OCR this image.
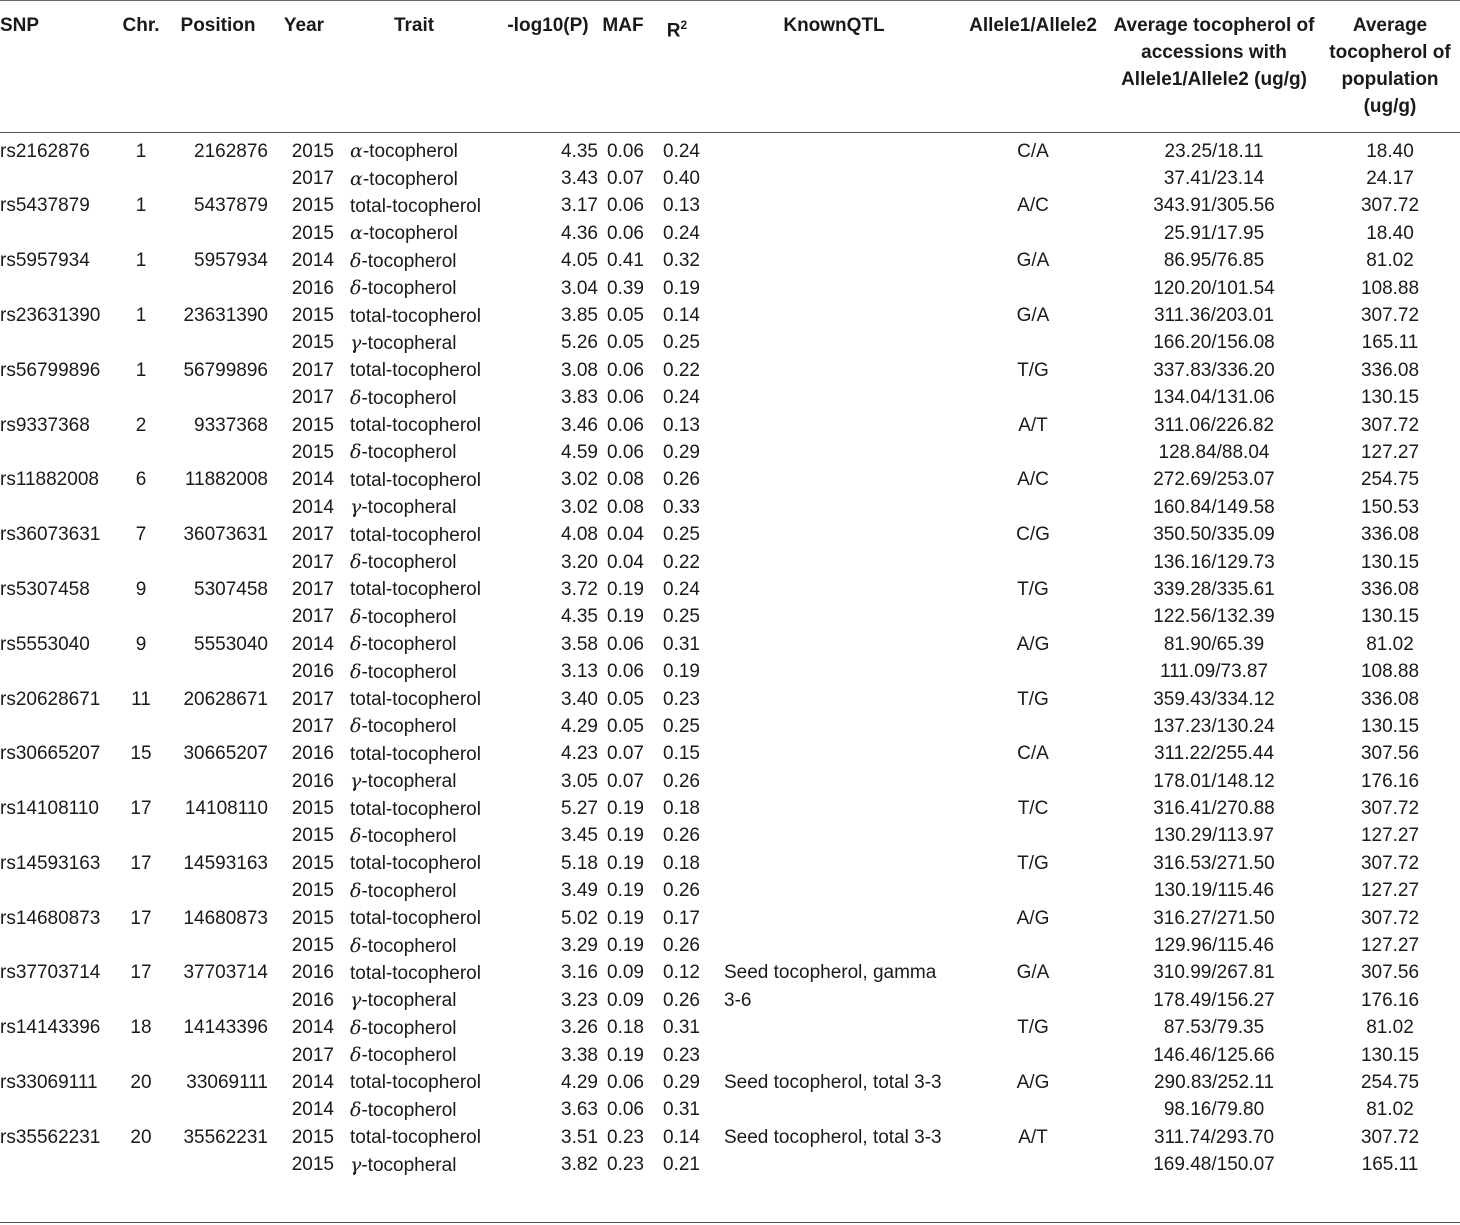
SNP	Chr.	Position	Year	Trait	-log10(P)	MAF	$R^2$	KnownQTL	Allele1/Allele2	Average tocopherol of accessions with Allele1/Allele2 (ug/g)	Average tocopherol of population (ug/g)

rs2162876	1	2162876	2015	α-tocopherol	4.35	0.06	0.24		C/A	23.25/18.11	18.40
			2017	α-tocopherol	3.43	0.07	0.40			37.41/23.14	24.17
rs5437879	1	5437879	2015	total-tocopherol	3.17	0.06	0.13		A/C	343.91/305.56	307.72
			2015	α-tocopherol	4.36	0.06	0.24			25.91/17.95	18.40
rs5957934	1	5957934	2014	δ-tocopherol	4.05	0.41	0.32		G/A	86.95/76.85	81.02
			2016	δ-tocopherol	3.04	0.39	0.19			120.20/101.54	108.88
rs23631390	1	23631390	2015	total-tocopherol	3.85	0.05	0.14		G/A	311.36/203.01	307.72
			2015	γ-tocopheral	5.26	0.05	0.25			166.20/156.08	165.11
rs56799896	1	56799896	2017	total-tocopherol	3.08	0.06	0.22		T/G	337.83/336.20	336.08
			2017	δ-tocopherol	3.83	0.06	0.24			134.04/131.06	130.15
rs9337368	2	9337368	2015	total-tocopherol	3.46	0.06	0.13		A/T	311.06/226.82	307.72
			2015	δ-tocopherol	4.59	0.06	0.29			128.84/88.04	127.27
rs11882008	6	11882008	2014	total-tocopherol	3.02	0.08	0.26		A/C	272.69/253.07	254.75
			2014	γ-tocopheral	3.02	0.08	0.33			160.84/149.58	150.53
rs36073631	7	36073631	2017	total-tocopherol	4.08	0.04	0.25		C/G	350.50/335.09	336.08
			2017	δ-tocopherol	3.20	0.04	0.22			136.16/129.73	130.15
rs5307458	9	5307458	2017	total-tocopherol	3.72	0.19	0.24		T/G	339.28/335.61	336.08
			2017	δ-tocopherol	4.35	0.19	0.25			122.56/132.39	130.15
rs5553040	9	5553040	2014	δ-tocopherol	3.58	0.06	0.31		A/G	81.90/65.39	81.02
			2016	δ-tocopherol	3.13	0.06	0.19			111.09/73.87	108.88
rs20628671	11	20628671	2017	total-tocopherol	3.40	0.05	0.23		T/G	359.43/334.12	336.08
			2017	δ-tocopherol	4.29	0.05	0.25			137.23/130.24	130.15
rs30665207	15	30665207	2016	total-tocopherol	4.23	0.07	0.15		C/A	311.22/255.44	307.56
			2016	γ-tocopheral	3.05	0.07	0.26			178.01/148.12	176.16
rs14108110	17	14108110	2015	total-tocopherol	5.27	0.19	0.18		T/C	316.41/270.88	307.72
			2015	δ-tocopherol	3.45	0.19	0.26			130.29/113.97	127.27
rs14593163	17	14593163	2015	total-tocopherol	5.18	0.19	0.18		T/G	316.53/271.50	307.72
			2015	δ-tocopherol	3.49	0.19	0.26			130.19/115.46	127.27
rs14680873	17	14680873	2015	total-tocopherol	5.02	0.19	0.17		A/G	316.27/271.50	307.72
			2015	δ-tocopherol	3.29	0.19	0.26			129.96/115.46	127.27
rs37703714	17	37703714	2016	total-tocopherol	3.16	0.09	0.12	Seed tocopherol, gamma	G/A	310.99/267.81	307.56
			2016	γ-tocopheral	3.23	0.09	0.26	3-6		178.49/156.27	176.16
rs14143396	18	14143396	2014	δ-tocopherol	3.26	0.18	0.31		T/G	87.53/79.35	81.02
			2017	δ-tocopherol	3.38	0.19	0.23			146.46/125.66	130.15
rs33069111	20	33069111	2014	total-tocopherol	4.29	0.06	0.29	Seed tocopherol, total 3-3	A/G	290.83/252.11	254.75
			2014	δ-tocopherol	3.63	0.06	0.31			98.16/79.80	81.02
rs35562231	20	35562231	2015	total-tocopherol	3.51	0.23	0.14	Seed tocopherol, total 3-3	A/T	311.74/293.70	307.72
			2015	γ-tocopheral	3.82	0.23	0.21			169.48/150.07	165.11
